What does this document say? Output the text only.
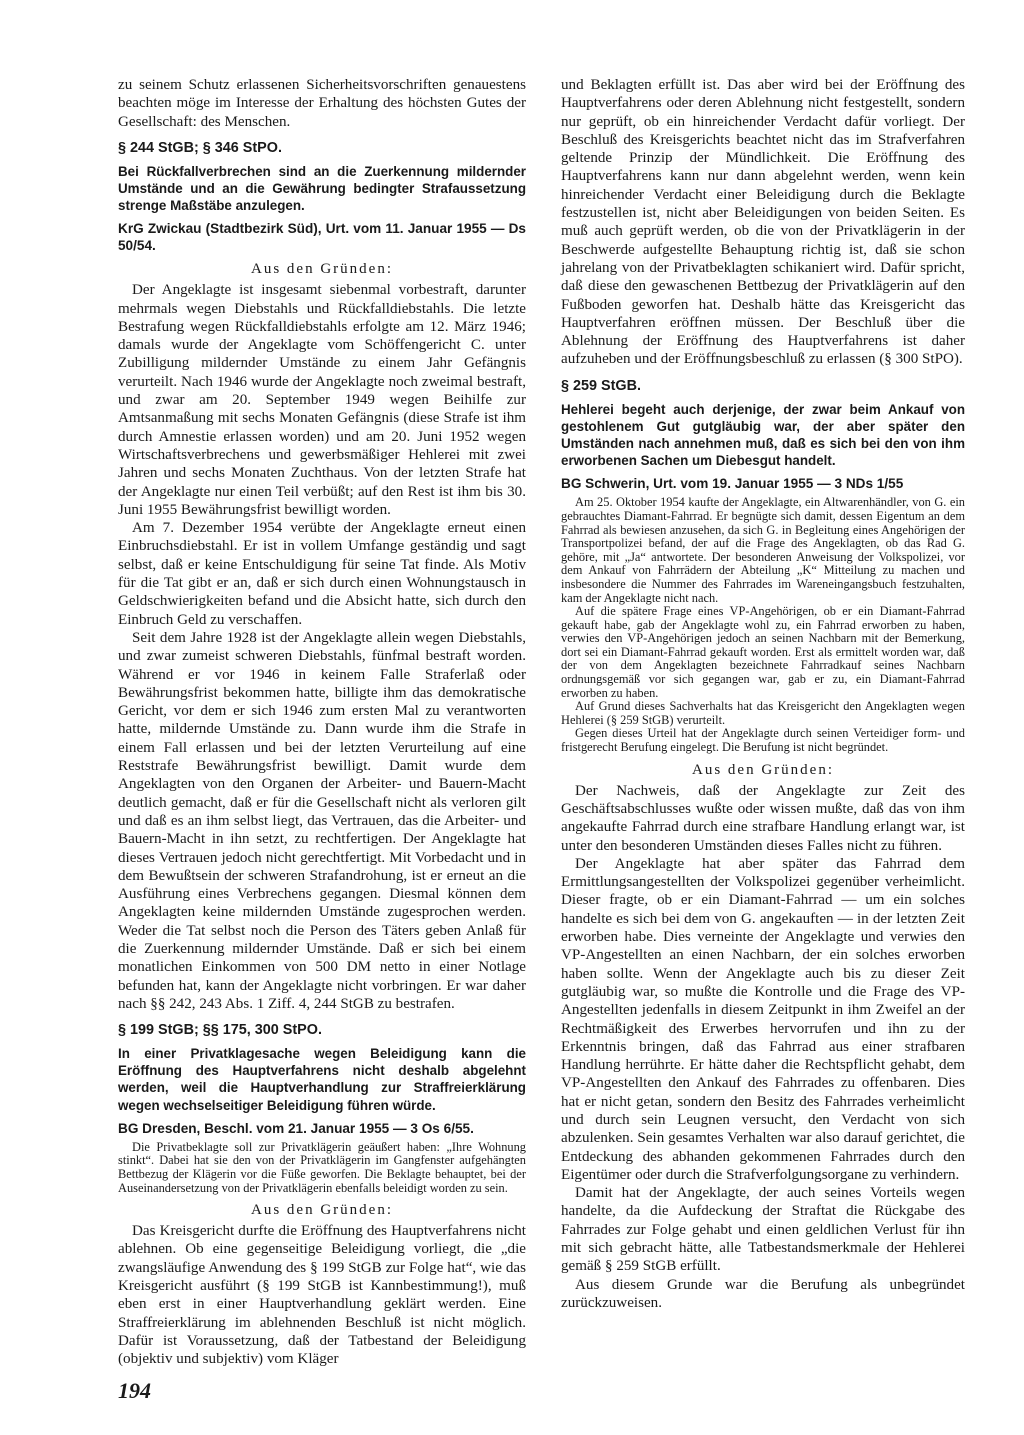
zu seinem Schutz erlassenen Sicherheitsvorschriften genauestens beachten möge im Interesse der Erhaltung des höchsten Gutes der Gesellschaft: des Menschen.

§ 244 StGB; § 346 StPO.

Bei Rückfallverbrechen sind an die Zuerkennung mildernder Umstände und an die Gewährung bedingter Strafaussetzung strenge Maßstäbe anzulegen.

KrG Zwickau (Stadtbezirk Süd), Urt. vom 11. Januar 1955 — Ds 50/54.

Aus den Gründen:

Der Angeklagte ist insgesamt siebenmal vorbestraft, darunter mehrmals wegen Diebstahls und Rückfalldiebstahls. Die letzte Bestrafung wegen Rückfalldiebstahls erfolgte am 12. März 1946; damals wurde der Angeklagte vom Schöffengericht C. unter Zubilligung mildernder Umstände zu einem Jahr Gefängnis verurteilt. Nach 1946 wurde der Angeklagte noch zweimal bestraft, und zwar am 20. September 1949 wegen Beihilfe zur Amtsanmaßung mit sechs Monaten Gefängnis (diese Strafe ist ihm durch Amnestie erlassen worden) und am 20. Juni 1952 wegen Wirtschaftsverbrechens und gewerbsmäßiger Hehlerei mit zwei Jahren und sechs Monaten Zuchthaus. Von der letzten Strafe hat der Angeklagte nur einen Teil verbüßt; auf den Rest ist ihm bis 30. Juni 1955 Bewährungsfrist bewilligt worden.

Am 7. Dezember 1954 verübte der Angeklagte erneut einen Einbruchsdiebstahl. Er ist in vollem Umfange geständig und sagt selbst, daß er keine Entschuldigung für seine Tat finde. Als Motiv für die Tat gibt er an, daß er sich durch einen Wohnungstausch in Geldschwierigkeiten befand und die Absicht hatte, sich durch den Einbruch Geld zu verschaffen.

Seit dem Jahre 1928 ist der Angeklagte allein wegen Diebstahls, und zwar zumeist schweren Diebstahls, fünfmal bestraft worden. Während er vor 1946 in keinem Falle Straferlaß oder Bewährungsfrist bekommen hatte, billigte ihm das demokratische Gericht, vor dem er sich 1946 zum ersten Mal zu verantworten hatte, mildernde Umstände zu. Dann wurde ihm die Strafe in einem Fall erlassen und bei der letzten Verurteilung auf eine Reststrafe Bewährungsfrist bewilligt. Damit wurde dem Angeklagten von den Organen der Arbeiter- und Bauern-Macht deutlich gemacht, daß er für die Gesellschaft nicht als verloren gilt und daß es an ihm selbst liegt, das Vertrauen, das die Arbeiter- und Bauern-Macht in ihn setzt, zu rechtfertigen. Der Angeklagte hat dieses Vertrauen jedoch nicht gerechtfertigt. Mit Vorbedacht und in dem Bewußtsein der schweren Strafandrohung, ist er erneut an die Ausführung eines Verbrechens gegangen. Diesmal können dem Angeklagten keine mildernden Umstände zugesprochen werden. Weder die Tat selbst noch die Person des Täters geben Anlaß für die Zuerkennung mildernder Umstände. Daß er sich bei einem monatlichen Einkommen von 500 DM netto in einer Notlage befunden hat, kann der Angeklagte nicht vorbringen. Er war daher nach §§ 242, 243 Abs. 1 Ziff. 4, 244 StGB zu bestrafen.

§ 199 StGB; §§ 175, 300 StPO.

In einer Privatklagesache wegen Beleidigung kann die Eröffnung des Hauptverfahrens nicht deshalb abgelehnt werden, weil die Hauptverhandlung zur Straffreierklärung wegen wechselseitiger Beleidigung führen würde.

BG Dresden, Beschl. vom 21. Januar 1955 — 3 Os 6/55.

Die Privatbeklagte soll zur Privatklägerin geäußert haben: „Ihre Wohnung stinkt“. Dabei hat sie den von der Privatklägerin im Gangfenster aufgehängten Bettbezug der Klägerin vor die Füße geworfen. Die Beklagte behauptet, bei der Auseinandersetzung von der Privatklägerin ebenfalls beleidigt worden zu sein.

Aus den Gründen:

Das Kreisgericht durfte die Eröffnung des Hauptverfahrens nicht ablehnen. Ob eine gegenseitige Beleidigung vorliegt, die „die zwangsläufige Anwendung des § 199 StGB zur Folge hat“, wie das Kreisgericht ausführt (§ 199 StGB ist Kannbestimmung!), muß eben erst in einer Hauptverhandlung geklärt werden. Eine Straffreierklärung im ablehnenden Beschluß ist nicht möglich. Dafür ist Voraussetzung, daß der Tatbestand der Beleidigung (objektiv und subjektiv) vom Kläger

und Beklagten erfüllt ist. Das aber wird bei der Eröffnung des Hauptverfahrens oder deren Ablehnung nicht festgestellt, sondern nur geprüft, ob ein hinreichender Verdacht dafür vorliegt. Der Beschluß des Kreisgerichts beachtet nicht das im Strafverfahren geltende Prinzip der Mündlichkeit. Die Eröffnung des Hauptverfahrens kann nur dann abgelehnt werden, wenn kein hinreichender Verdacht einer Beleidigung durch die Beklagte festzustellen ist, nicht aber Beleidigungen von beiden Seiten. Es muß auch geprüft werden, ob die von der Privatklägerin in der Beschwerde aufgestellte Behauptung richtig ist, daß sie schon jahrelang von der Privatbeklagten schikaniert wird. Dafür spricht, daß diese den gewaschenen Bettbezug der Privatklägerin auf den Fußboden geworfen hat. Deshalb hätte das Kreisgericht das Hauptverfahren eröffnen müssen. Der Beschluß über die Ablehnung der Eröffnung des Hauptverfahrens ist daher aufzuheben und der Eröffnungsbeschluß zu erlassen (§ 300 StPO).

§ 259 StGB.

Hehlerei begeht auch derjenige, der zwar beim Ankauf von gestohlenem Gut gutgläubig war, der aber später den Umständen nach annehmen muß, daß es sich bei den von ihm erworbenen Sachen um Diebesgut handelt.

BG Schwerin, Urt. vom 19. Januar 1955 — 3 NDs 1/55

Am 25. Oktober 1954 kaufte der Angeklagte, ein Altwarenhändler, von G. ein gebrauchtes Diamant-Fahrrad. Er begnügte sich damit, dessen Eigentum an dem Fahrrad als bewiesen anzusehen, da sich G. in Begleitung eines Angehörigen der Transportpolizei befand, der auf die Frage des Angeklagten, ob das Rad G. gehöre, mit „Ja“ antwortete. Der besonderen Anweisung der Volkspolizei, vor dem Ankauf von Fahrrädern der Abteilung „K“ Mitteilung zu machen und insbesondere die Nummer des Fahrrades im Wareneingangsbuch festzuhalten, kam der Angeklagte nicht nach.

Auf die spätere Frage eines VP-Angehörigen, ob er ein Diamant-Fahrrad gekauft habe, gab der Angeklagte wohl zu, ein Fahrrad erworben zu haben, verwies den VP-Angehörigen jedoch an seinen Nachbarn mit der Bemerkung, dort sei ein Diamant-Fahrrad gekauft worden. Erst als ermittelt worden war, daß der von dem Angeklagten bezeichnete Fahrradkauf seines Nachbarn ordnungsgemäß vor sich gegangen war, gab er zu, ein Diamant-Fahrrad erworben zu haben.

Auf Grund dieses Sachverhalts hat das Kreisgericht den Angeklagten wegen Hehlerei (§ 259 StGB) verurteilt.

Gegen dieses Urteil hat der Angeklagte durch seinen Verteidiger form- und fristgerecht Berufung eingelegt. Die Berufung ist nicht begründet.

Aus den Gründen:

Der Nachweis, daß der Angeklagte zur Zeit des Geschäftsabschlusses wußte oder wissen mußte, daß das von ihm angekaufte Fahrrad durch eine strafbare Handlung erlangt war, ist unter den besonderen Umständen dieses Falles nicht zu führen.

Der Angeklagte hat aber später das Fahrrad dem Ermittlungsangestellten der Volkspolizei gegenüber verheimlicht. Dieser fragte, ob er ein Diamant-Fahrrad — um ein solches handelte es sich bei dem von G. angekauften — in der letzten Zeit erworben habe. Dies verneinte der Angeklagte und verwies den VP-Angestellten an einen Nachbarn, der ein solches erworben haben sollte. Wenn der Angeklagte auch bis zu dieser Zeit gutgläubig war, so mußte die Kontrolle und die Frage des VP-Angestellten jedenfalls in diesem Zeitpunkt in ihm Zweifel an der Rechtmäßigkeit des Erwerbes hervorrufen und ihn zu der Erkenntnis bringen, daß das Fahrrad aus einer strafbaren Handlung herrührte. Er hätte daher die Rechtspflicht gehabt, dem VP-Angestellten den Ankauf des Fahrrades zu offenbaren. Dies hat er nicht getan, sondern den Besitz des Fahrrades verheimlicht und durch sein Leugnen versucht, den Verdacht von sich abzulenken. Sein gesamtes Verhalten war also darauf gerichtet, die Entdeckung des abhanden gekommenen Fahrrades durch den Eigentümer oder durch die Strafverfolgungsorgane zu verhindern.

Damit hat der Angeklagte, der auch seines Vorteils wegen handelte, da die Aufdeckung der Straftat die Rückgabe des Fahrrades zur Folge gehabt und einen geldlichen Verlust für ihn mit sich gebracht hätte, alle Tatbestandsmerkmale der Hehlerei gemäß § 259 StGB erfüllt.

Aus diesem Grunde war die Berufung als unbegründet zurückzuweisen.

194
